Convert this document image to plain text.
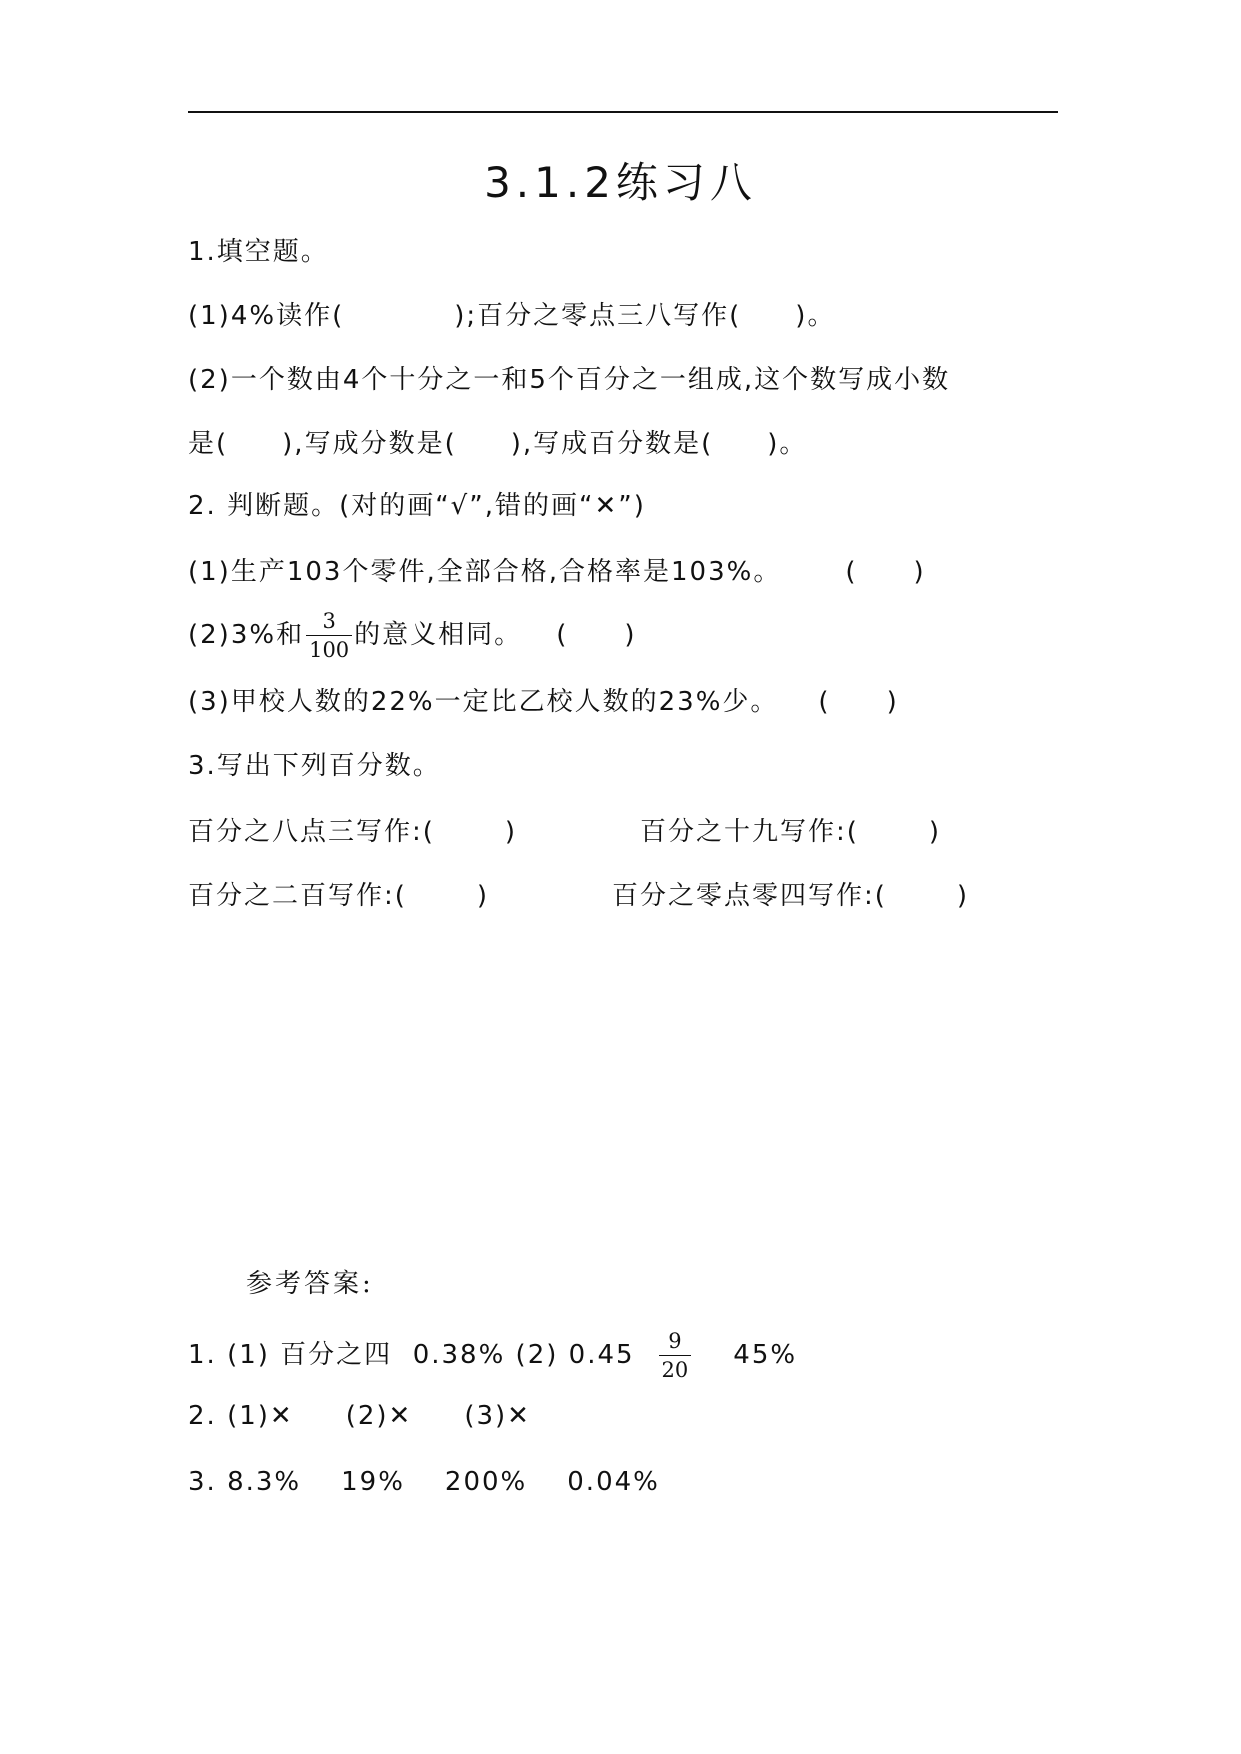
3.1.2练习八
1.填空题。
(1)4%读作(	);百分之零点三八写作( )。
(2)一个数由4个十分之一和5个百分之一组成,这个数写成小数
是( ),写成分数是( ),写成百分数是( )。
2. 判断题。(对的画“√”,错的画“✕”)
(1)生产103个零件,全部合格,合格率是103%。 (　　)
(2)3%和 $\frac{3}{100}$ 的意义相同。 (　　)
(3)甲校人数的22%一定比乙校人数的23%少。 (　　)
3.写出下列百分数。
百分之八点三写作:(	)	百分之十九写作:(	)
百分之二百写作:(	)	百分之零点零四写作:(	)
参考答案:
1. (1) 百分之四  0.38% (2) $0.45 \frac{9}{20} 45\%$
2. (1)✕ (2)✕ (3)✕
3. 8.3% 19% 200% 0.04%
